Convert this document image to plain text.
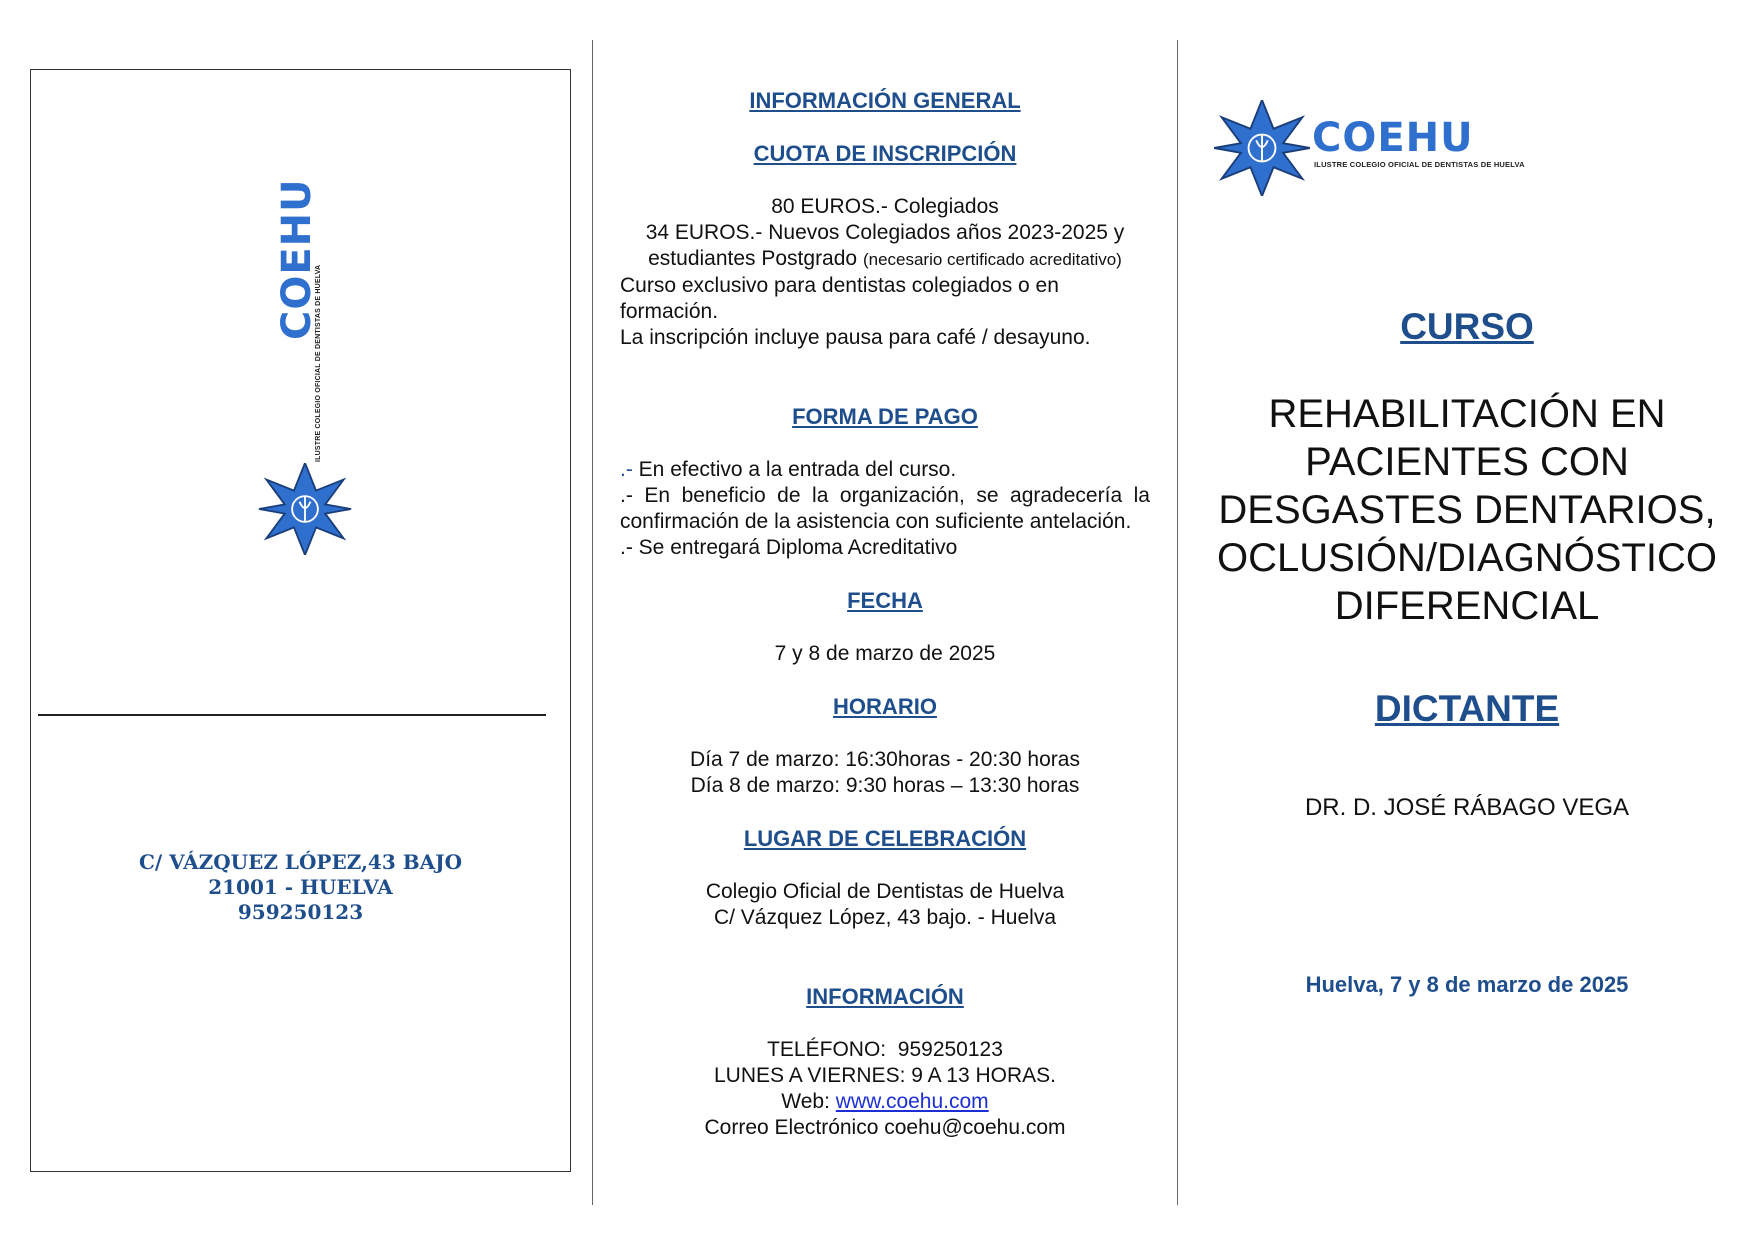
COEHU
ILUSTRE COLEGIO OFICIAL DE DENTISTAS DE HUELVA
C/ VÁZQUEZ LÓPEZ,43 BAJO
21001 - HUELVA
959250123
INFORMACIÓN GENERAL
CUOTA DE INSCRIPCIÓN
80 EUROS.- Colegiados
34 EUROS.- Nuevos Colegiados años 2023-2025 y
estudiantes Postgrado (necesario certificado acreditativo)
Curso exclusivo para dentistas colegiados o en formación.
La inscripción incluye pausa para café / desayuno.
FORMA DE PAGO
.- En efectivo a la entrada del curso.
.- En beneficio de la organización, se agradecería la confirmación de la asistencia con suficiente antelación.
.- Se entregará Diploma Acreditativo
FECHA
7 y 8 de marzo de 2025
HORARIO
Día 7 de marzo: 16:30horas - 20:30 horas
Día 8 de marzo: 9:30 horas – 13:30 horas
LUGAR DE CELEBRACIÓN
Colegio Oficial de Dentistas de Huelva
C/ Vázquez López, 43 bajo. - Huelva
INFORMACIÓN
TELÉFONO:  959250123
LUNES A VIERNES: 9 A 13 HORAS.
Web: www.coehu.com
Correo Electrónico coehu@coehu.com
COEHU
ILUSTRE COLEGIO OFICIAL DE DENTISTAS DE HUELVA
CURSO
REHABILITACIÓN EN
PACIENTES CON
DESGASTES DENTARIOS,
OCLUSIÓN/DIAGNÓSTICO
DIFERENCIAL
DICTANTE
DR. D. JOSÉ RÁBAGO VEGA
Huelva, 7 y 8 de marzo de 2025
